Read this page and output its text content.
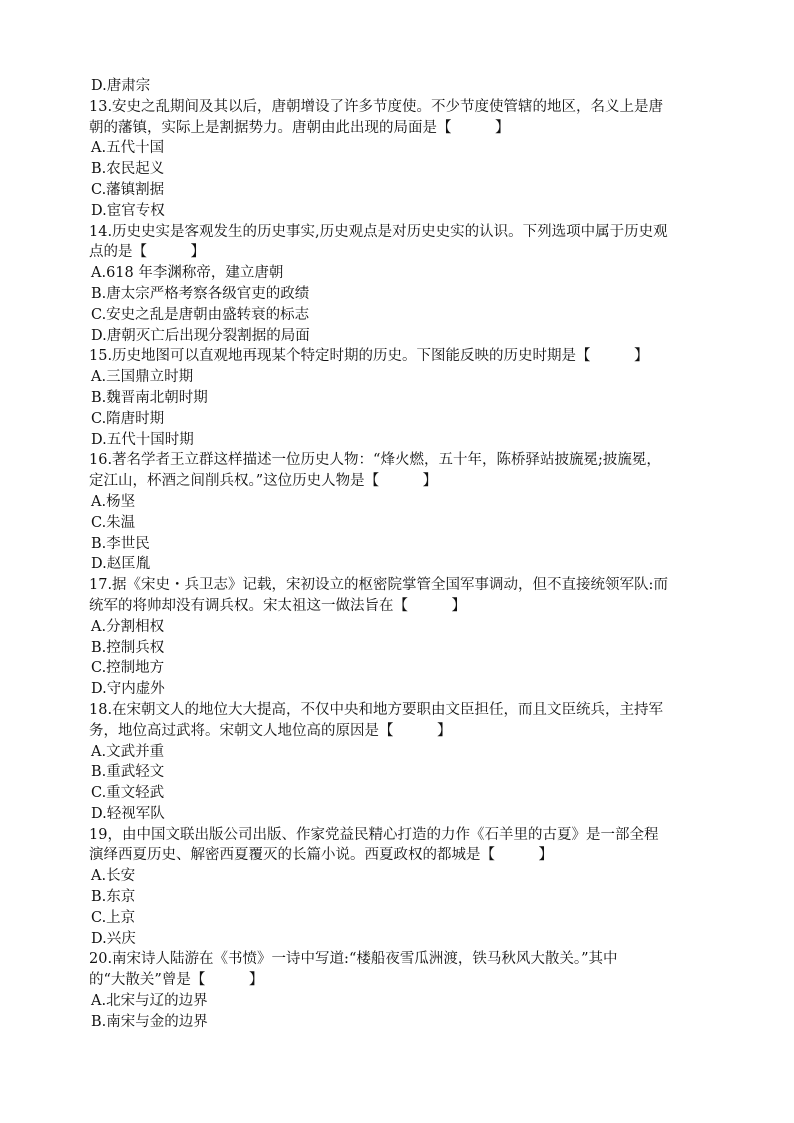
D.唐肃宗
13.安史之乱期间及其以后，唐朝增设了许多节度使。不少节度使管辖的地区，名义上是唐
朝的藩镇，实际上是割据势力。唐朝由此出现的局面是【　　　】
A.五代十国
B.农民起义
C.藩镇割据
D.宦官专权
14.历史史实是客观发生的历史事实,历史观点是对历史史实的认识。下列选项中属于历史观
点的是【　　　】
A.618 年李渊称帝，建立唐朝
B.唐太宗严格考察各级官吏的政绩
C.安史之乱是唐朝由盛转衰的标志
D.唐朝灭亡后出现分裂割据的局面
15.历史地图可以直观地再现某个特定时期的历史。下图能反映的历史时期是【　　　】
A.三国鼎立时期
B.魏晋南北朝时期
C.隋唐时期
D.五代十国时期
16.著名学者王立群这样描述一位历史人物：“烽火燃，五十年，陈桥驿站披旒冕;披旒冕，
定江山，杯酒之间削兵权。”这位历史人物是【　　　】
A.杨坚
C.朱温
B.李世民
D.赵匡胤
17.据《宋史・兵卫志》记载，宋初设立的枢密院掌管全国军事调动，但不直接统领军队:而
统军的将帅却没有调兵权。宋太祖这一做法旨在【　　　】
A.分割相权
B.控制兵权
C.控制地方
D.守内虚外
18.在宋朝文人的地位大大提高，不仅中央和地方要职由文臣担任，而且文臣统兵，主持军
务，地位高过武将。宋朝文人地位高的原因是【　　　】
A.文武并重
B.重武轻文
C.重文轻武
D.轻视军队
19，由中国文联出版公司出版、作家党益民精心打造的力作《石羊里的古夏》是一部全程
演绎西夏历史、解密西夏覆灭的长篇小说。西夏政权的都城是【　　　】
A.长安
B.东京
C.上京
D.兴庆
20.南宋诗人陆游在《书愤》一诗中写道:“楼船夜雪瓜洲渡，铁马秋风大散关。”其中
的“大散关”曾是【　　　】
A.北宋与辽的边界
B.南宋与金的边界
